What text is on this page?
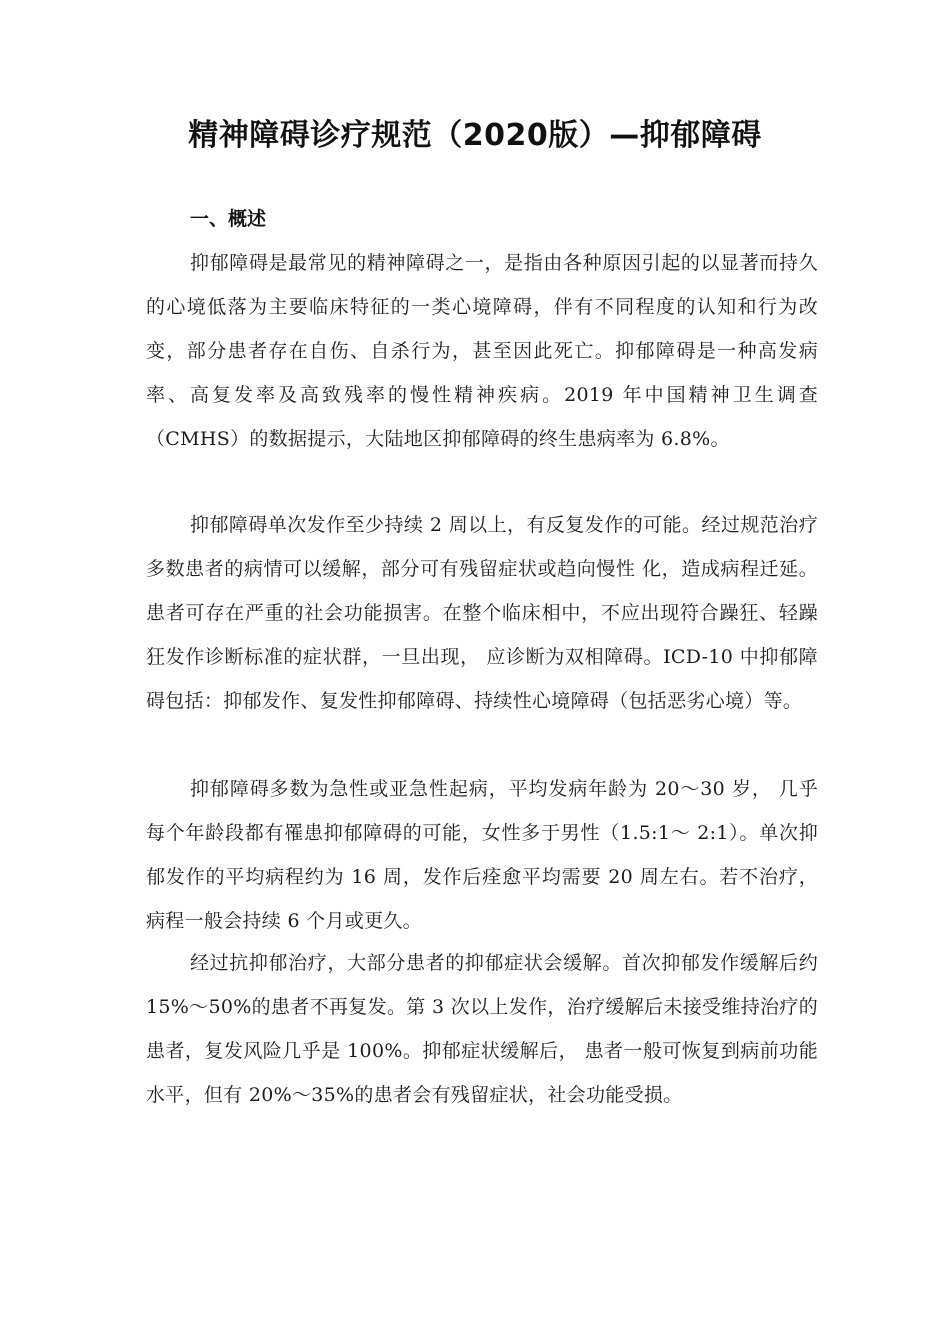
精神障碍诊疗规范（2020版）—抑郁障碍
一、概述

抑郁障碍是最常见的精神障碍之一，是指由各种原因引起的以显著而持久的心境低落为主要临床特征的一类心境障碍，伴有不同程度的认知和行为改变，部分患者存在自伤、自杀行为，甚至因此死亡。抑郁障碍是一种高发病率、高复发率及高致残率的慢性精神疾病。2019 年中国精神卫生调查（CMHS）的数据提示，大陆地区抑郁障碍的终生患病率为 6.8%。

抑郁障碍单次发作至少持续 2 周以上，有反复发作的可能。经过规范治疗多数患者的病情可以缓解，部分可有残留症状或趋向慢性 化，造成病程迁延。患者可存在严重的社会功能损害。在整个临床相中，不应出现符合躁狂、轻躁狂发作诊断标准的症状群，一旦出现， 应诊断为双相障碍。ICD-10 中抑郁障碍包括：抑郁发作、复发性抑郁障碍、持续性心境障碍（包括恶劣心境）等。

抑郁障碍多数为急性或亚急性起病，平均发病年龄为 20～30 岁， 几乎每个年龄段都有罹患抑郁障碍的可能，女性多于男性（1.5:1～ 2:1）。单次抑郁发作的平均病程约为 16 周，发作后痊愈平均需要 20 周左右。若不治疗，病程一般会持续 6 个月或更久。

经过抗抑郁治疗，大部分患者的抑郁症状会缓解。首次抑郁发作缓解后约 15%～50%的患者不再复发。第 3 次以上发作，治疗缓解后未接受维持治疗的患者，复发风险几乎是 100%。抑郁症状缓解后， 患者一般可恢复到病前功能水平，但有 20%～35%的患者会有残留症状，社会功能受损。
